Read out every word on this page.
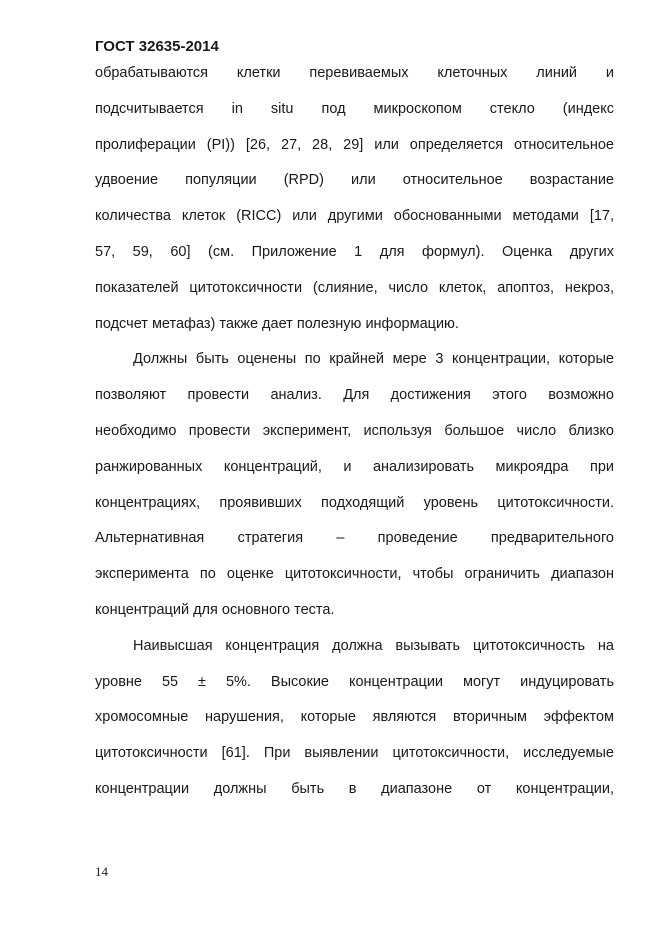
ГОСТ 32635-2014
обрабатываются клетки перевиваемых клеточных линий и
подсчитывается in situ под микроскопом стекло (индекс
пролиферации (PI)) [26, 27, 28, 29] или определяется относительное
удвоение популяции (RPD) или относительное возрастание
количества клеток (RICC) или другими обоснованными методами [17,
57, 59, 60] (см. Приложение 1 для формул). Оценка других
показателей цитотоксичности (слияние, число клеток, апоптоз, некроз,
подсчет метафаз) также дает полезную информацию.
Должны быть оценены по крайней мере 3 концентрации, которые
позволяют провести анализ. Для достижения этого возможно
необходимо провести эксперимент, используя большое число близко
ранжированных концентраций, и анализировать микроядра при
концентрациях, проявивших подходящий уровень цитотоксичности.
Альтернативная стратегия – проведение предварительного
эксперимента по оценке цитотоксичности, чтобы ограничить диапазон
концентраций для основного теста.
Наивысшая концентрация должна вызывать цитотоксичность на
уровне 55 ± 5%. Высокие концентрации могут индуцировать
хромосомные нарушения, которые являются вторичным эффектом
цитотоксичности [61]. При выявлении цитотоксичности, исследуемые
концентрации должны быть в диапазоне от концентрации,
14
